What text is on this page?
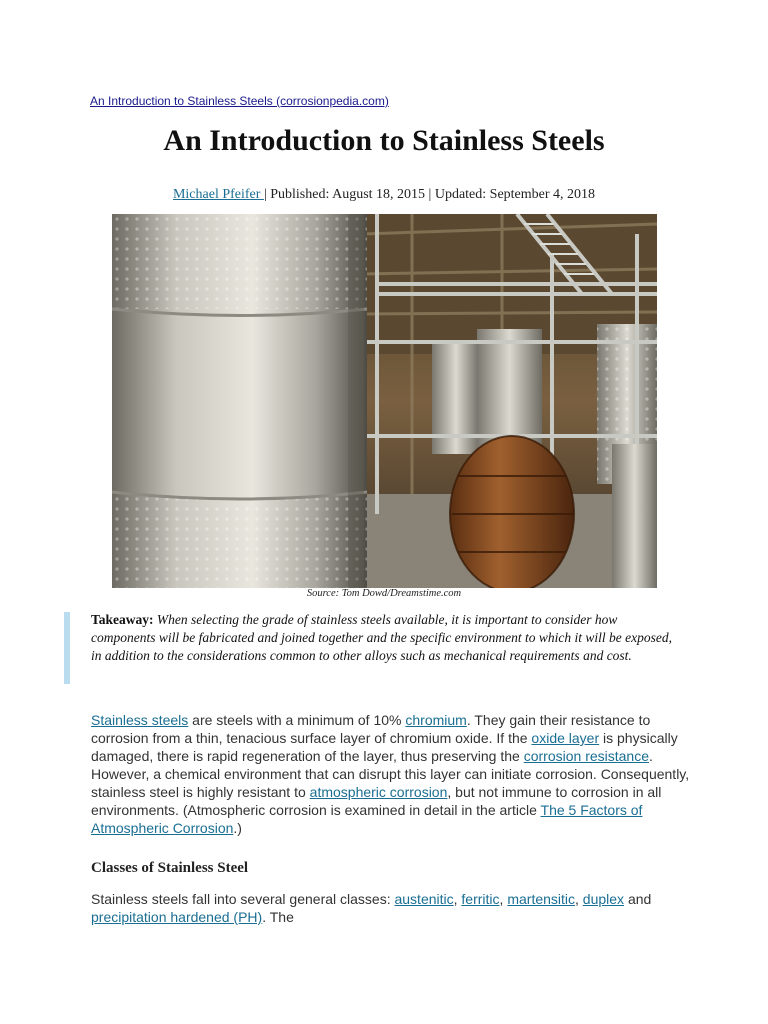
An Introduction to Stainless Steels (corrosionpedia.com)
An Introduction to Stainless Steels
Michael Pfeifer | Published: August 18, 2015 | Updated: September 4, 2018
Source: Tom Dowd/Dreamstime.com
Takeaway: When selecting the grade of stainless steels available, it is important to consider how components will be fabricated and joined together and the specific environment to which it will be exposed, in addition to the considerations common to other alloys such as mechanical requirements and cost.
Stainless steels are steels with a minimum of 10% chromium. They gain their resistance to corrosion from a thin, tenacious surface layer of chromium oxide. If the oxide layer is physically damaged, there is rapid regeneration of the layer, thus preserving the corrosion resistance. However, a chemical environment that can disrupt this layer can initiate corrosion. Consequently, stainless steel is highly resistant to atmospheric corrosion, but not immune to corrosion in all environments. (Atmospheric corrosion is examined in detail in the article The 5 Factors of Atmospheric Corrosion.)
Classes of Stainless Steel
Stainless steels fall into several general classes: austenitic, ferritic, martensitic, duplex and precipitation hardened (PH). The
